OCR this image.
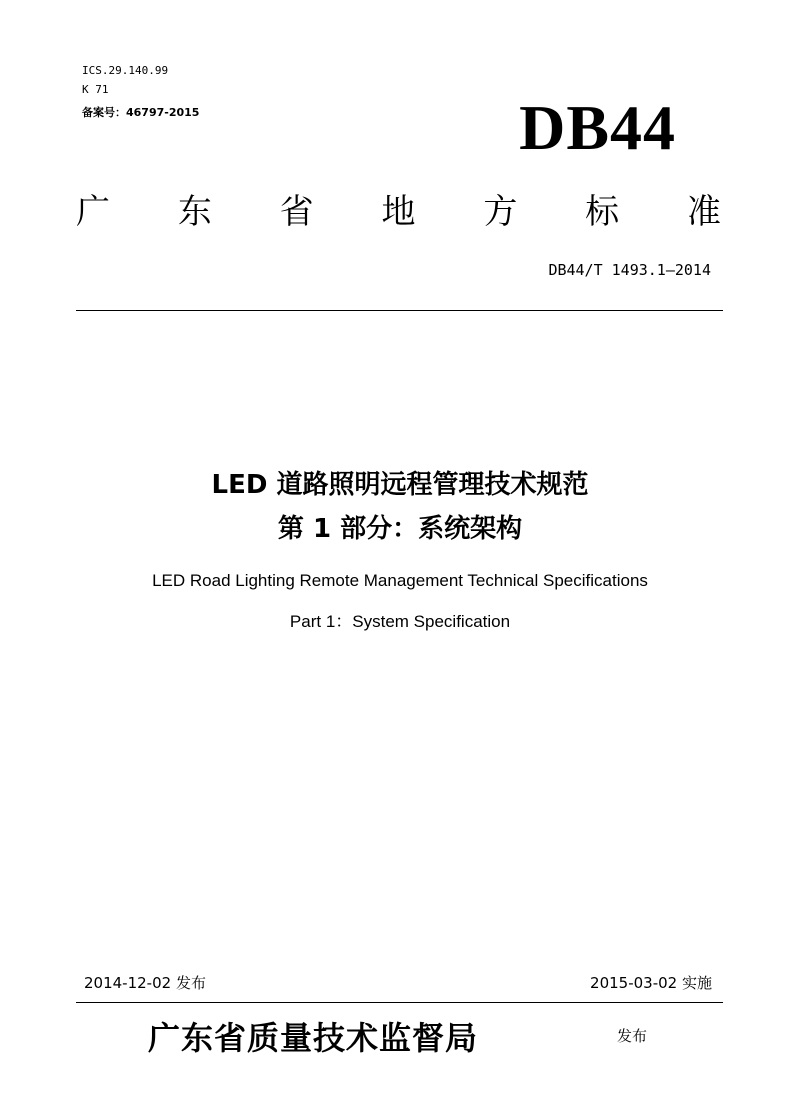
ICS.29.140.99
K 71
备案号：46797-2015	DB44
广 东 省 地 方 标 准
DB44/T 1493.1—2014
LED 道路照明远程管理技术规范
第 1 部分：系统架构
LED Road Lighting Remote Management Technical Specifications
Part 1：System Specification
2014-12-02 发布	2015-03-02 实施
广东省质量技术监督局	发布
